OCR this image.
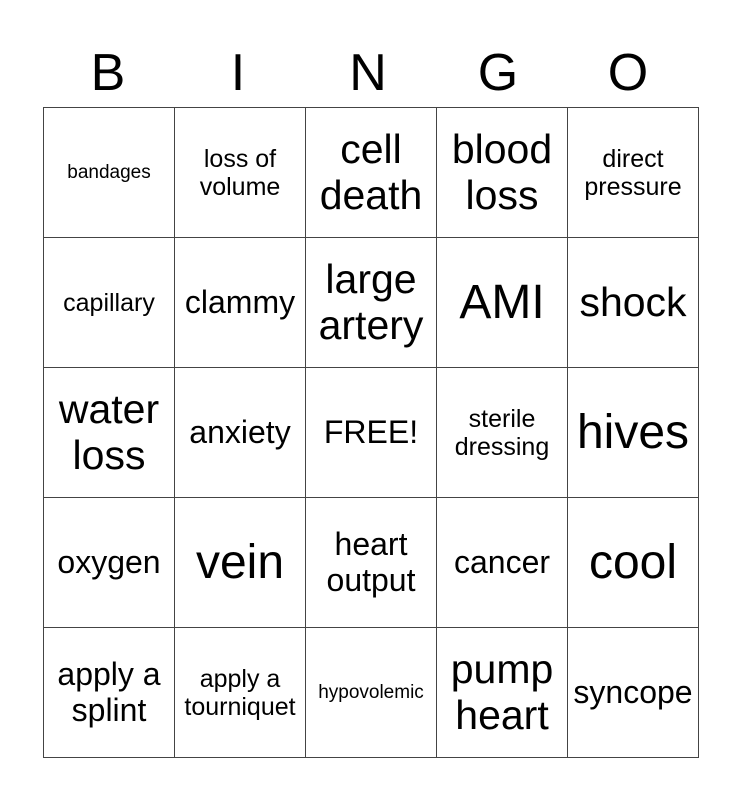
B	I	N	G	O
bandages	loss of volume	cell death	blood loss	direct pressure

capillary	clammy	large artery	AMI	shock

water loss	anxiety	FREE!	sterile dressing	hives

oxygen	vein	heart output	cancer	cool

apply a splint	apply a tourniquet	hypovolemic	pump heart	syncope
